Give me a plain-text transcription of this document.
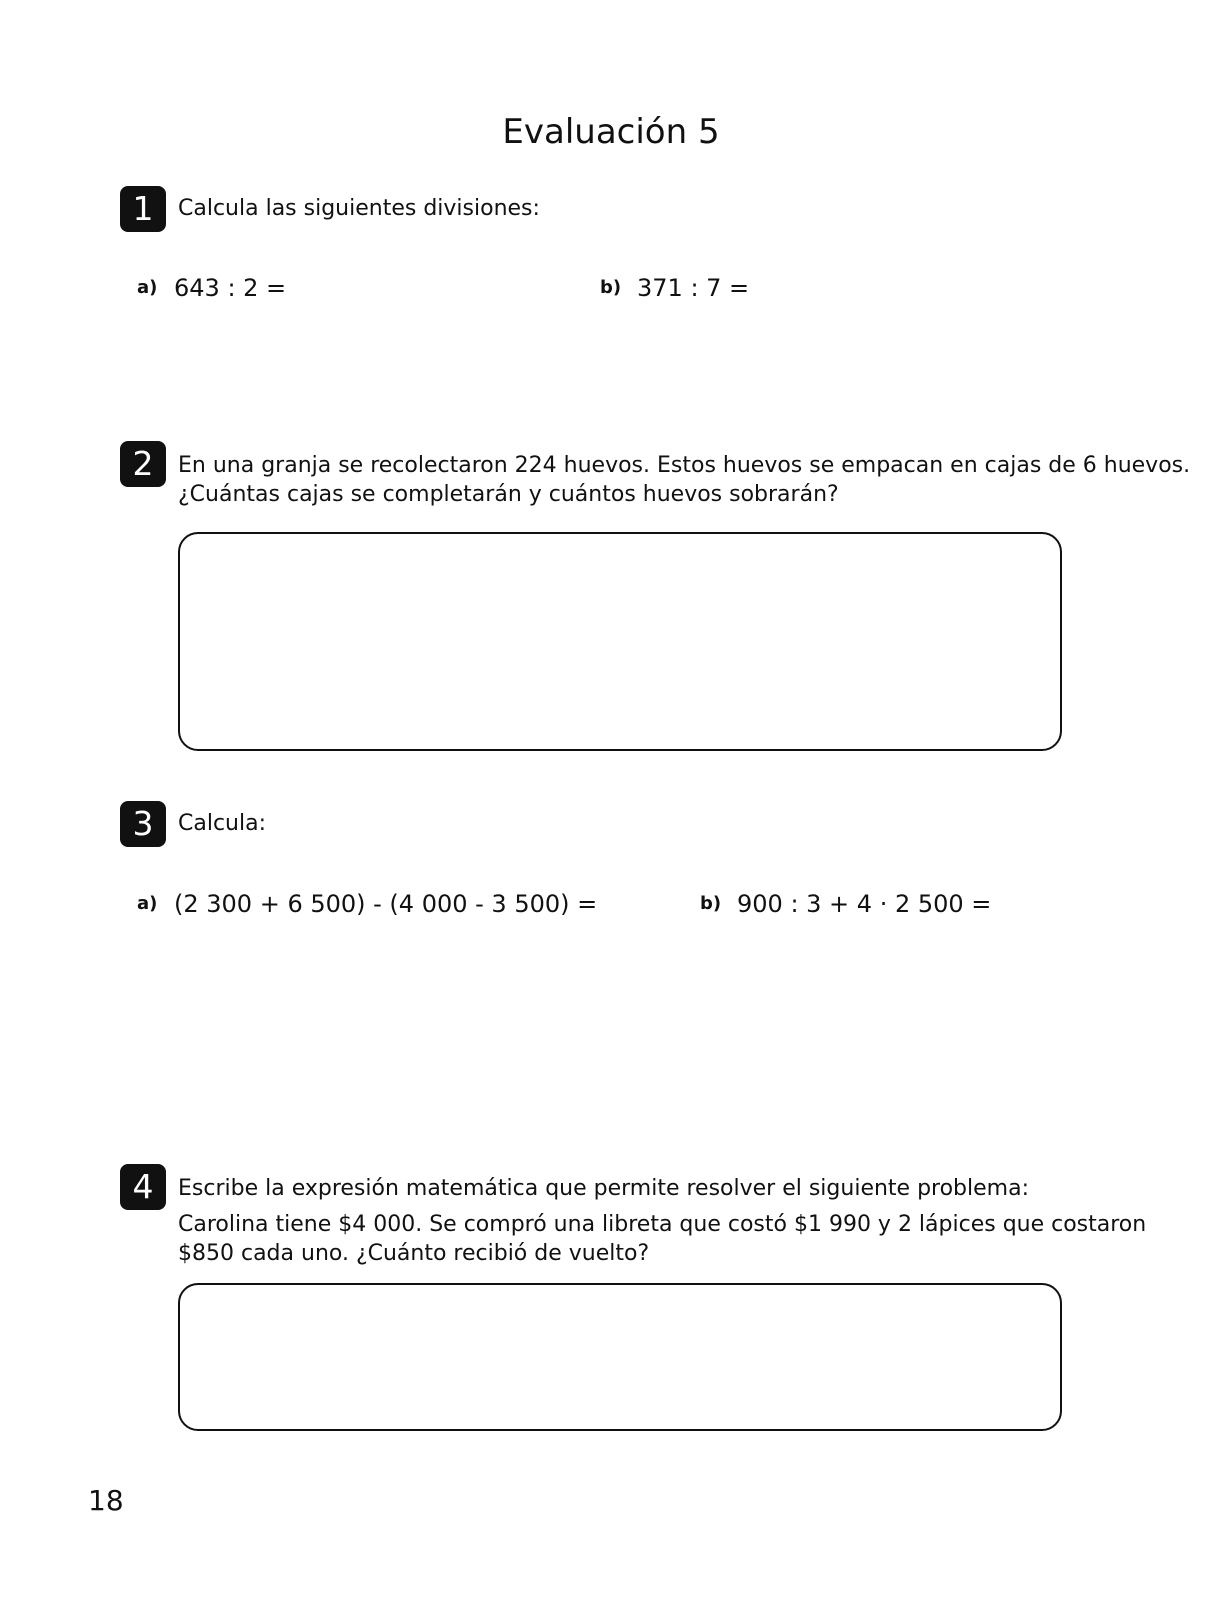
Evaluación 5
1	Calcula las siguientes divisiones:
a) 643 : 2 =	b) 371 : 7 =
2	En una granja se recolectaron 224 huevos. Estos huevos se empacan en cajas de 6 huevos.
¿Cuántas cajas se completarán y cuántos huevos sobrarán?
3	Calcula:
a) (2 300 + 6 500) - (4 000 - 3 500) =	b) 900 : 3 + 4 · 2 500 =
4	Escribe la expresión matemática que permite resolver el siguiente problema:
Carolina tiene $4 000. Se compró una libreta que costó $1 990 y 2 lápices que costaron
$850 cada uno. ¿Cuánto recibió de vuelto?
18
